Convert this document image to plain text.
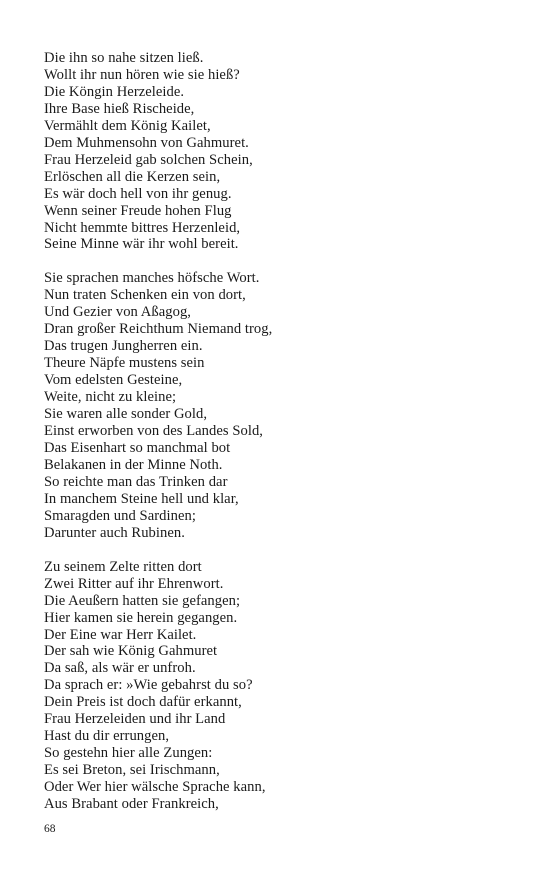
Die ihn so nahe sitzen ließ.
Wollt ihr nun hören wie sie hieß?
Die Köngin Herzeleide.
Ihre Base hieß Rischeide,
Vermählt dem König Kailet,
Dem Muhmensohn von Gahmuret.
Frau Herzeleid gab solchen Schein,
Erlöschen all die Kerzen sein,
Es wär doch hell von ihr genug.
Wenn seiner Freude hohen Flug
Nicht hemmte bittres Herzenleid,
Seine Minne wär ihr wohl bereit.
Sie sprachen manches höfsche Wort.
Nun traten Schenken ein von dort,
Und Gezier von Aßagog,
Dran großer Reichthum Niemand trog,
Das trugen Jungherren ein.
Theure Näpfe mustens sein
Vom edelsten Gesteine,
Weite, nicht zu kleine;
Sie waren alle sonder Gold,
Einst erworben von des Landes Sold,
Das Eisenhart so manchmal bot
Belakanen in der Minne Noth.
So reichte man das Trinken dar
In manchem Steine hell und klar,
Smaragden und Sardinen;
Darunter auch Rubinen.
Zu seinem Zelte ritten dort
Zwei Ritter auf ihr Ehrenwort.
Die Aeußern hatten sie gefangen;
Hier kamen sie herein gegangen.
Der Eine war Herr Kailet.
Der sah wie König Gahmuret
Da saß, als wär er unfroh.
Da sprach er: »Wie gebahrst du so?
Dein Preis ist doch dafür erkannt,
Frau Herzeleiden und ihr Land
Hast du dir errungen,
So gestehn hier alle Zungen:
Es sei Breton, sei Irischmann,
Oder Wer hier wälsche Sprache kann,
Aus Brabant oder Frankreich,
68
